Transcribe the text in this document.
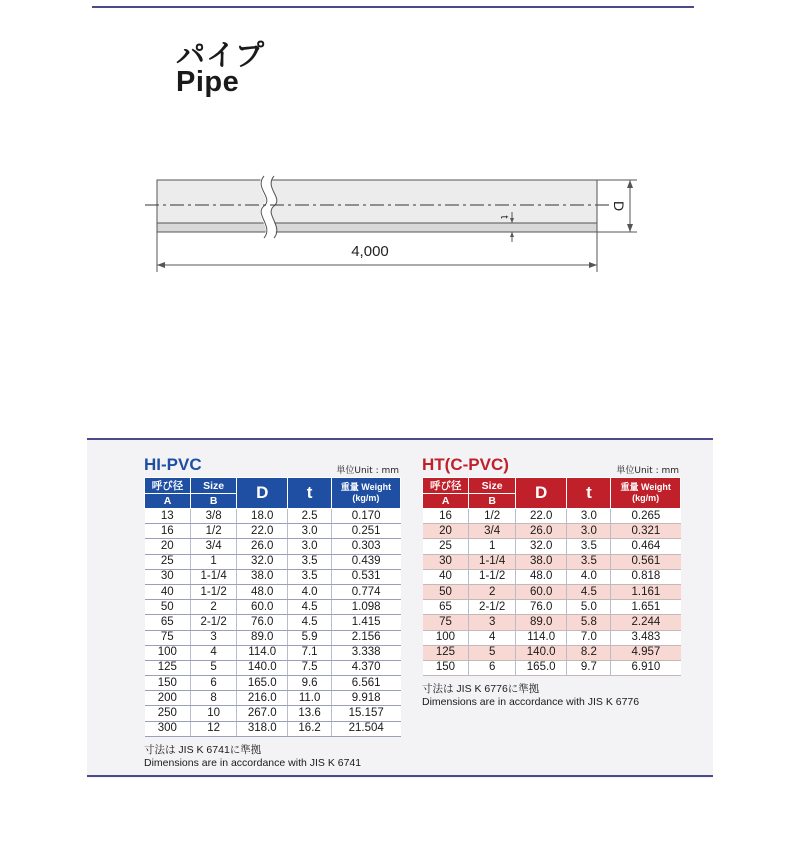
パイプ
Pipe
4,000
D
t
HI-PVC	単位Unit : mm
呼び径	Size	D	t	重量 Weight
(kg/m)
A	B			
13	3/8	18.0	2.5	0.170
16	1/2	22.0	3.0	0.251
20	3/4	26.0	3.0	0.303
25	1	32.0	3.5	0.439
30	1-1/4	38.0	3.5	0.531
40	1-1/2	48.0	4.0	0.774
50	2	60.0	4.5	1.098
65	2-1/2	76.0	4.5	1.415
75	3	89.0	5.9	2.156
100	4	114.0	7.1	3.338
125	5	140.0	7.5	4.370
150	6	165.0	9.6	6.561
200	8	216.0	11.0	9.918
250	10	267.0	13.6	15.157
300	12	318.0	16.2	21.504
寸法は JIS K 6741に準拠
Dimensions are in accordance with JIS K 6741
HT(C-PVC)	単位Unit : mm
呼び径	Size	D	t	重量 Weight
(kg/m)
A	B			
16	1/2	22.0	3.0	0.265
20	3/4	26.0	3.0	0.321
25	1	32.0	3.5	0.464
30	1-1/4	38.0	3.5	0.561
40	1-1/2	48.0	4.0	0.818
50	2	60.0	4.5	1.161
65	2-1/2	76.0	5.0	1.651
75	3	89.0	5.8	2.244
100	4	114.0	7.0	3.483
125	5	140.0	8.2	4.957
150	6	165.0	9.7	6.910
寸法は JIS K 6776に準拠
Dimensions are in accordance with JIS K 6776
